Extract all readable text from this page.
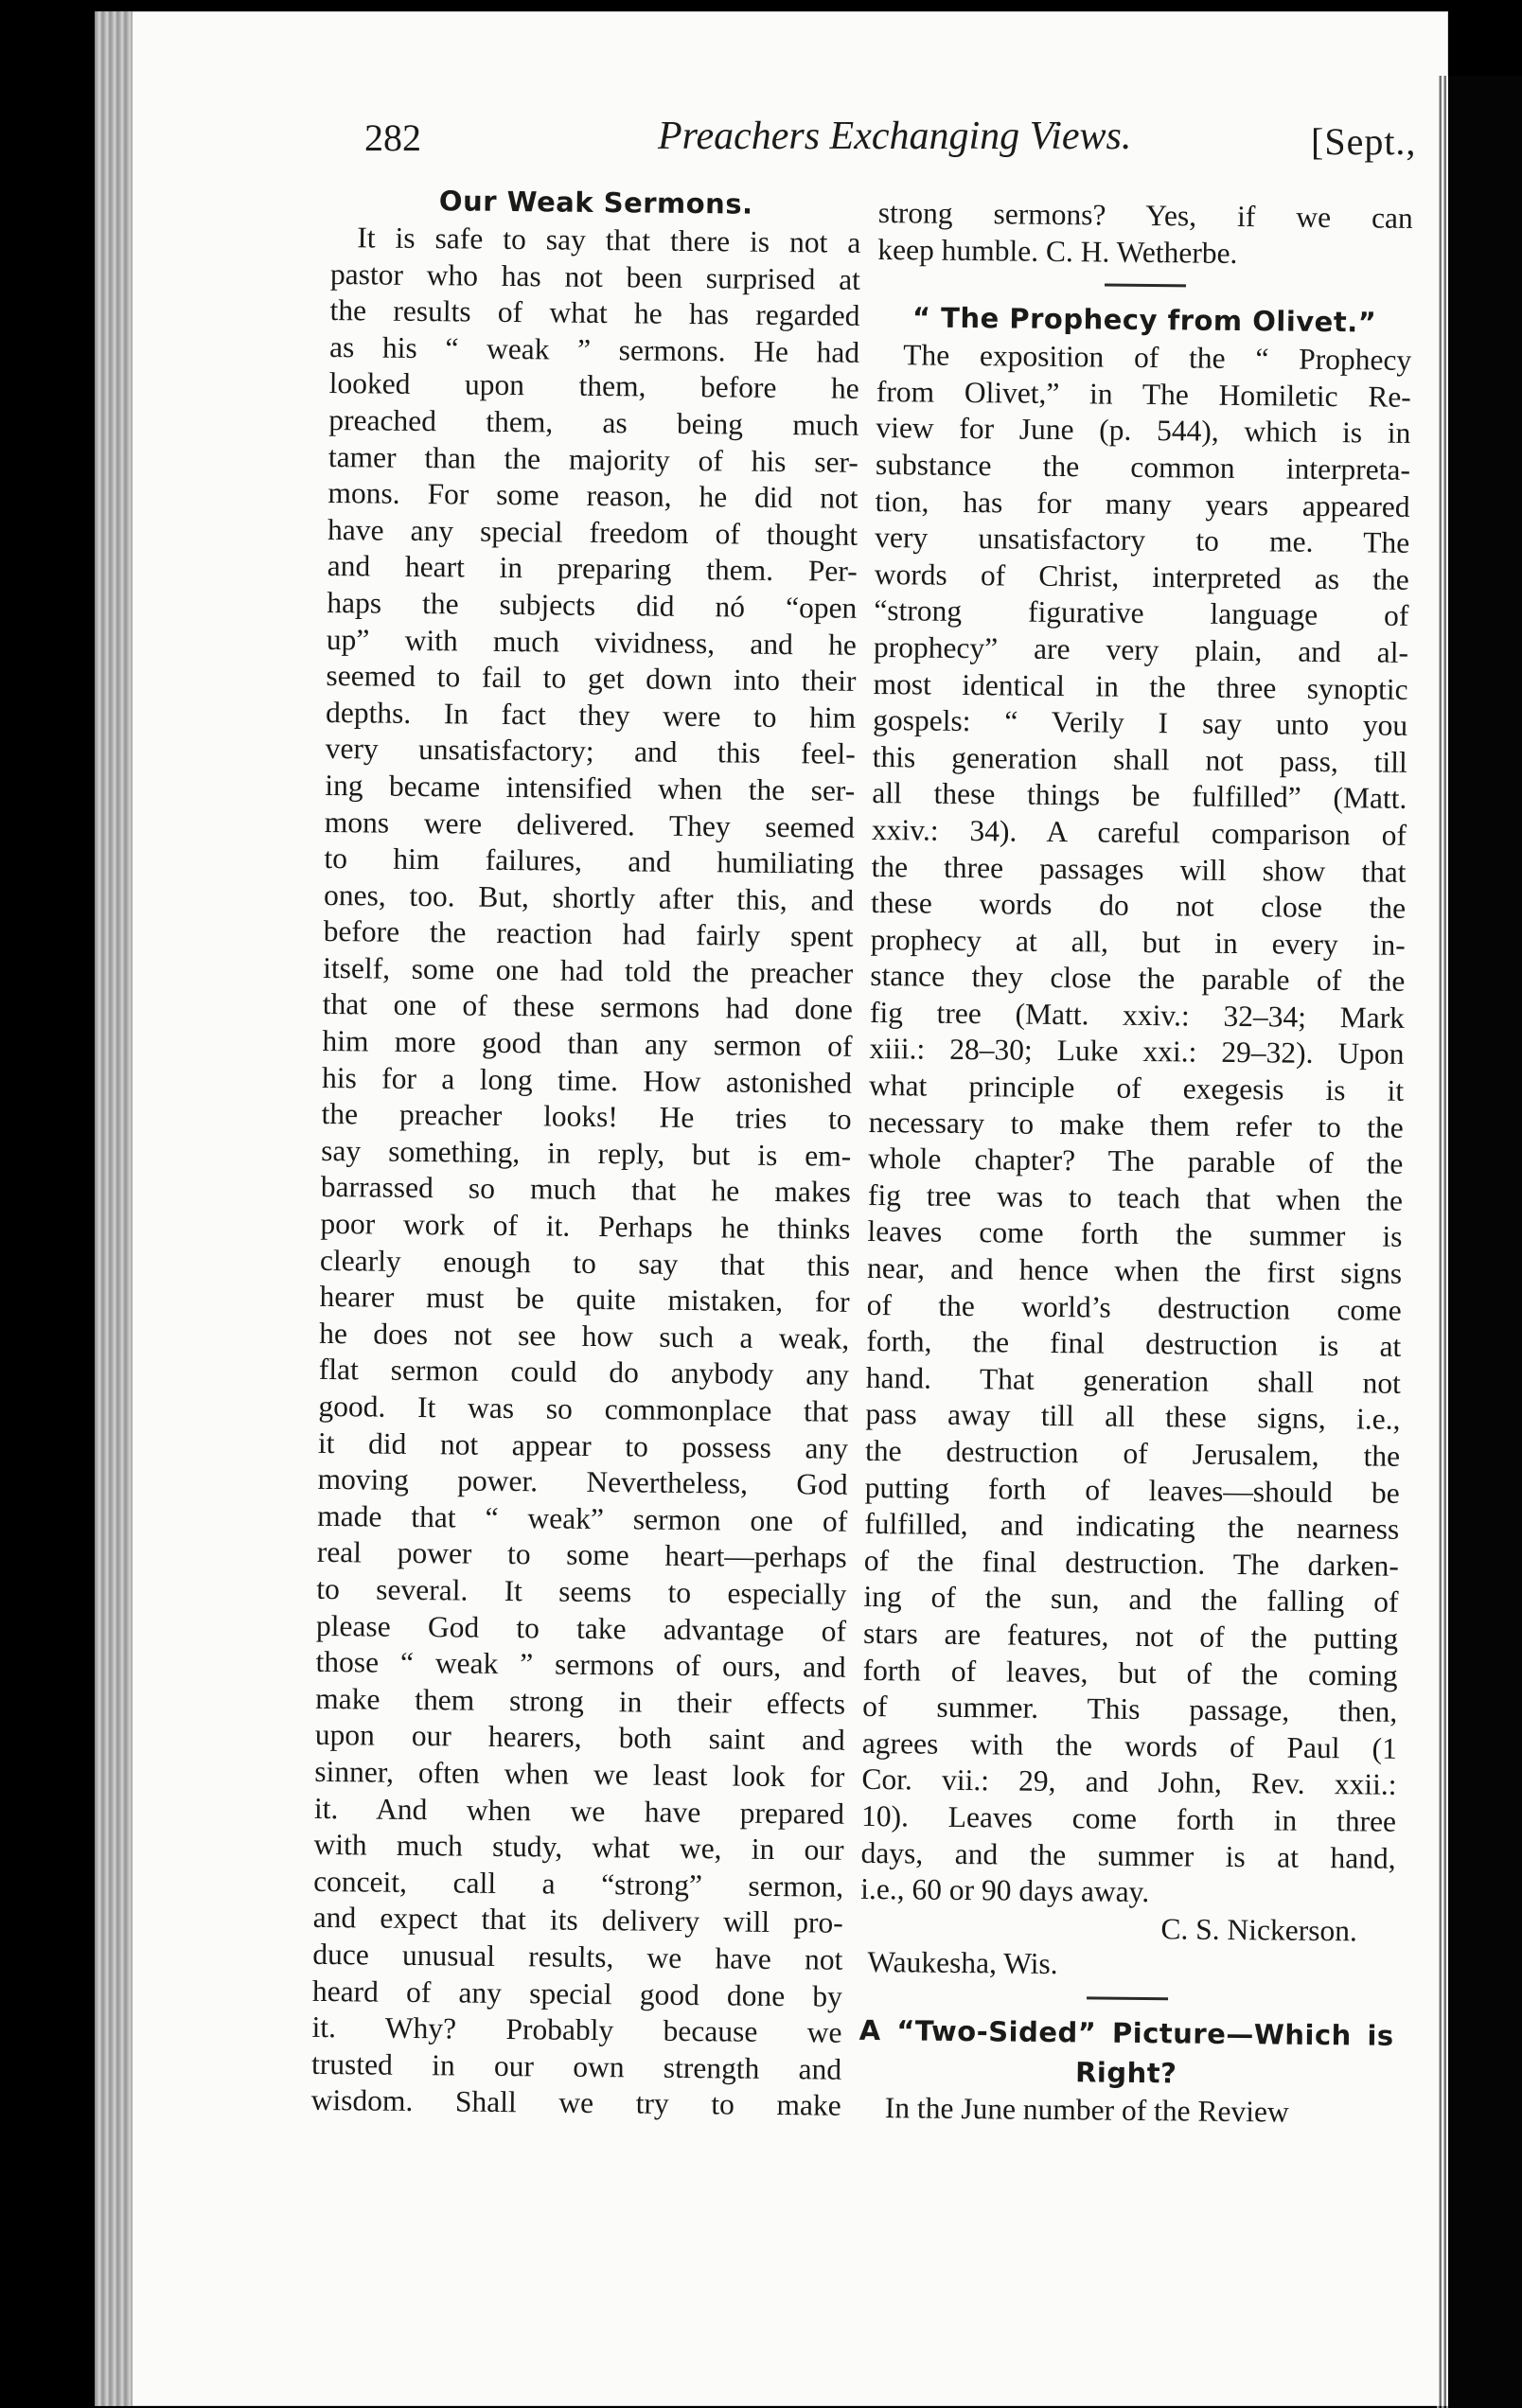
282	Preachers Exchanging Views.	[Sept.,
Our Weak Sermons.
It is safe to say that there is not a
pastor who has not been surprised at
the results of what he has regarded
as his “ weak ” sermons. He had
looked upon them, before he
preached them, as being much
tamer than the majority of his ser-
mons. For some reason, he did not
have any special freedom of thought
and heart in preparing them. Per-
haps the subjects did nó “open
up” with much vividness, and he
seemed to fail to get down into their
depths. In fact they were to him
very unsatisfactory; and this feel-
ing became intensified when the ser-
mons were delivered. They seemed
to him failures, and humiliating
ones, too. But, shortly after this, and
before the reaction had fairly spent
itself, some one had told the preacher
that one of these sermons had done
him more good than any sermon of
his for a long time. How astonished
the preacher looks! He tries to
say something, in reply, but is em-
barrassed so much that he makes
poor work of it. Perhaps he thinks
clearly enough to say that this
hearer must be quite mistaken, for
he does not see how such a weak,
flat sermon could do anybody any
good. It was so commonplace that
it did not appear to possess any
moving power. Nevertheless, God
made that “ weak” sermon one of
real power to some heart—perhaps
to several. It seems to especially
please God to take advantage of
those “ weak ” sermons of ours, and
make them strong in their effects
upon our hearers, both saint and
sinner, often when we least look for
it. And when we have prepared
with much study, what we, in our
conceit, call a “strong” sermon,
and expect that its delivery will pro-
duce unusual results, we have not
heard of any special good done by
it. Why? Probably because we
trusted in our own strength and
wisdom. Shall we try to make
strong sermons? Yes, if we can
keep humble. C. H. Wetherbe.
“ The Prophecy from Olivet.”
The exposition of the “ Prophecy
from Olivet,” in The Homiletic Re-
view for June (p. 544), which is in
substance the common interpreta-
tion, has for many years appeared
very unsatisfactory to me. The
words of Christ, interpreted as the
“strong figurative language of
prophecy” are very plain, and al-
most identical in the three synoptic
gospels: “ Verily I say unto you
this generation shall not pass, till
all these things be fulfilled” (Matt.
xxiv.: 34). A careful comparison of
the three passages will show that
these words do not close the
prophecy at all, but in every in-
stance they close the parable of the
fig tree (Matt. xxiv.: 32–34; Mark
xiii.: 28–30; Luke xxi.: 29–32). Upon
what principle of exegesis is it
necessary to make them refer to the
whole chapter? The parable of the
fig tree was to teach that when the
leaves come forth the summer is
near, and hence when the first signs
of the world’s destruction come
forth, the final destruction is at
hand. That generation shall not
pass away till all these signs, i.e.,
the destruction of Jerusalem, the
putting forth of leaves—should be
fulfilled, and indicating the nearness
of the final destruction. The darken-
ing of the sun, and the falling of
stars are features, not of the putting
forth of leaves, but of the coming
of summer. This passage, then,
agrees with the words of Paul (1
Cor. vii.: 29, and John, Rev. xxii.:
10). Leaves come forth in three
days, and the summer is at hand,
i.e., 60 or 90 days away.
C. S. Nickerson.
Waukesha, Wis.
A “Two-Sided” Picture—Which is
Right?
In the June number of the Review
